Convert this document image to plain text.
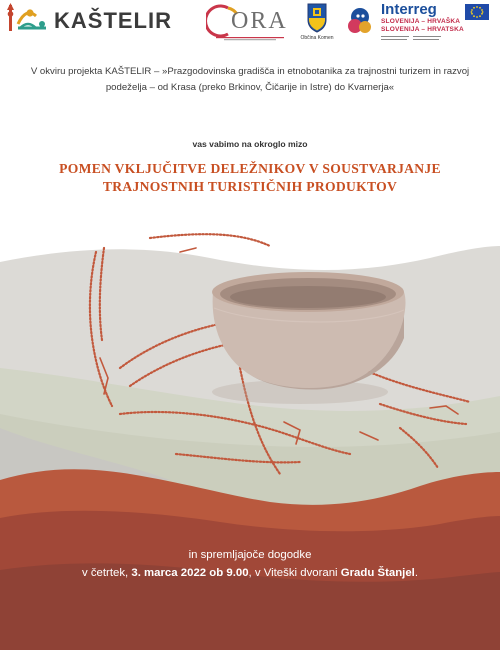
KAŠTELIR ORA
Občina Komen
Interreg
SLOVENIJA – HRVAŠKA
SLOVENIJA – HRVATSKA
V okviru projekta KAŠTELIR – »Prazgodovinska gradišča in etnobotanika za trajnostni turizem in razvoj podeželja – od Krasa (preko Brkinov, Čičarije in Istre) do Kvarnerja«
vas vabimo na okroglo mizo
POMEN VKLJUČITVE DELEŽNIKOV V SOUSTVARJANJE
TRAJNOSTNIH TURISTIČNIH PRODUKTOV
in spremljajoče dogodke
v četrtek, 3. marca 2022 ob 9.00, v Viteški dvorani Gradu Štanjel.
